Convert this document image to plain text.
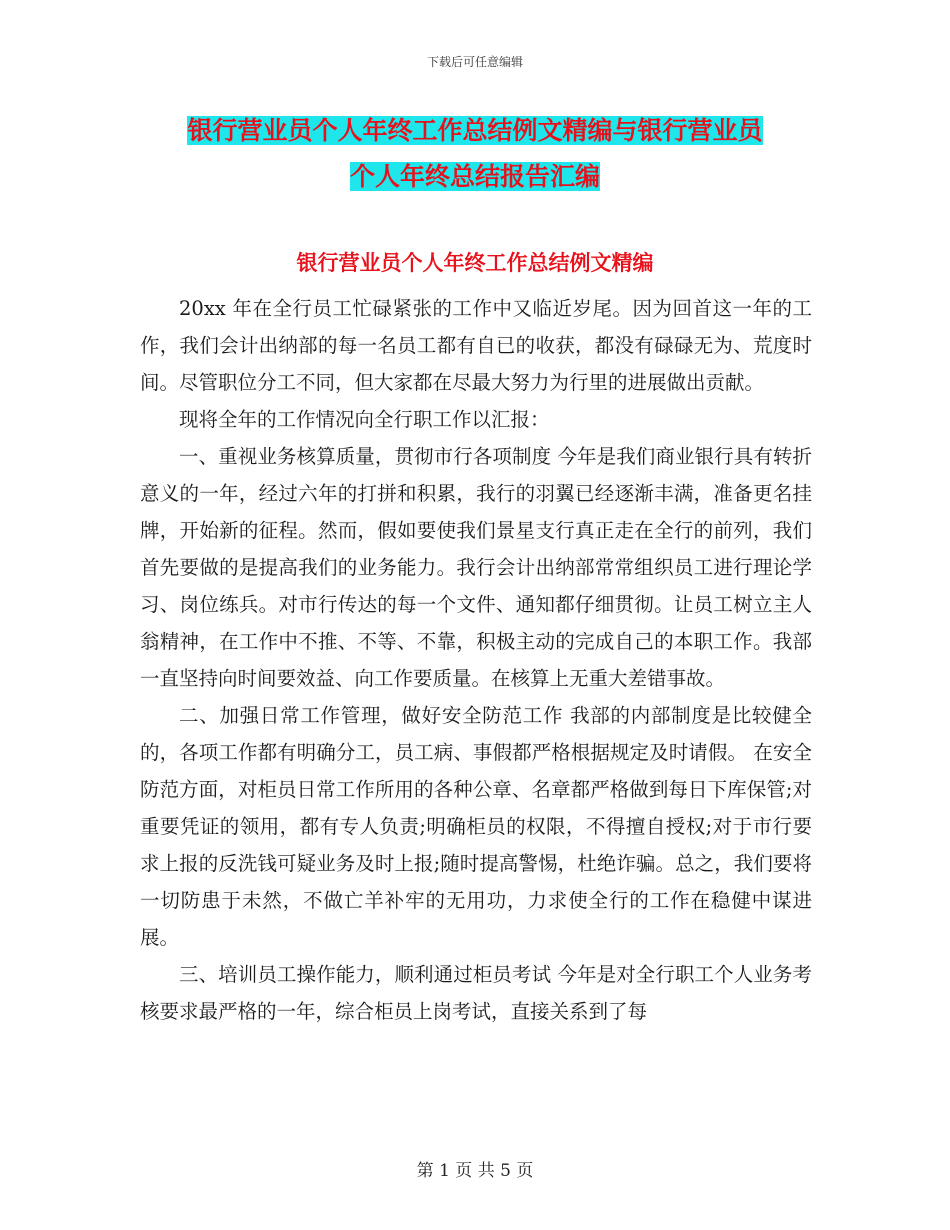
下载后可任意编辑
银行营业员个人年终工作总结例文精编与银行营业员
个人年终总结报告汇编
银行营业员个人年终工作总结例文精编

20xx 年在全行员工忙碌紧张的工作中又临近岁尾。因为回首这一年的工作，我们会计出纳部的每一名员工都有自已的收获，都没有碌碌无为、荒度时间。尽管职位分工不同，但大家都在尽最大努力为行里的进展做出贡献。

现将全年的工作情况向全行职工作以汇报：

一、重视业务核算质量，贯彻市行各项制度 今年是我们商业银行具有转折意义的一年，经过六年的打拼和积累，我行的羽翼已经逐渐丰满，准备更名挂牌，开始新的征程。然而，假如要使我们景星支行真正走在全行的前列，我们首先要做的是提高我们的业务能力。我行会计出纳部常常组织员工进行理论学习、岗位练兵。对市行传达的每一个文件、通知都仔细贯彻。让员工树立主人翁精神，在工作中不推、不等、不靠，积极主动的完成自己的本职工作。我部一直坚持向时间要效益、向工作要质量。在核算上无重大差错事故。

二、加强日常工作管理，做好安全防范工作 我部的内部制度是比较健全的，各项工作都有明确分工，员工病、事假都严格根据规定及时请假。 在安全防范方面，对柜员日常工作所用的各种公章、名章都严格做到每日下库保管;对重要凭证的领用，都有专人负责;明确柜员的权限，不得擅自授权;对于市行要求上报的反洗钱可疑业务及时上报;随时提高警惕，杜绝诈骗。总之，我们要将一切防患于未然，不做亡羊补牢的无用功，力求使全行的工作在稳健中谋进展。

三、培训员工操作能力，顺利通过柜员考试 今年是对全行职工个人业务考核要求最严格的一年，综合柜员上岗考试，直接关系到了每

第 1 页 共 5 页
